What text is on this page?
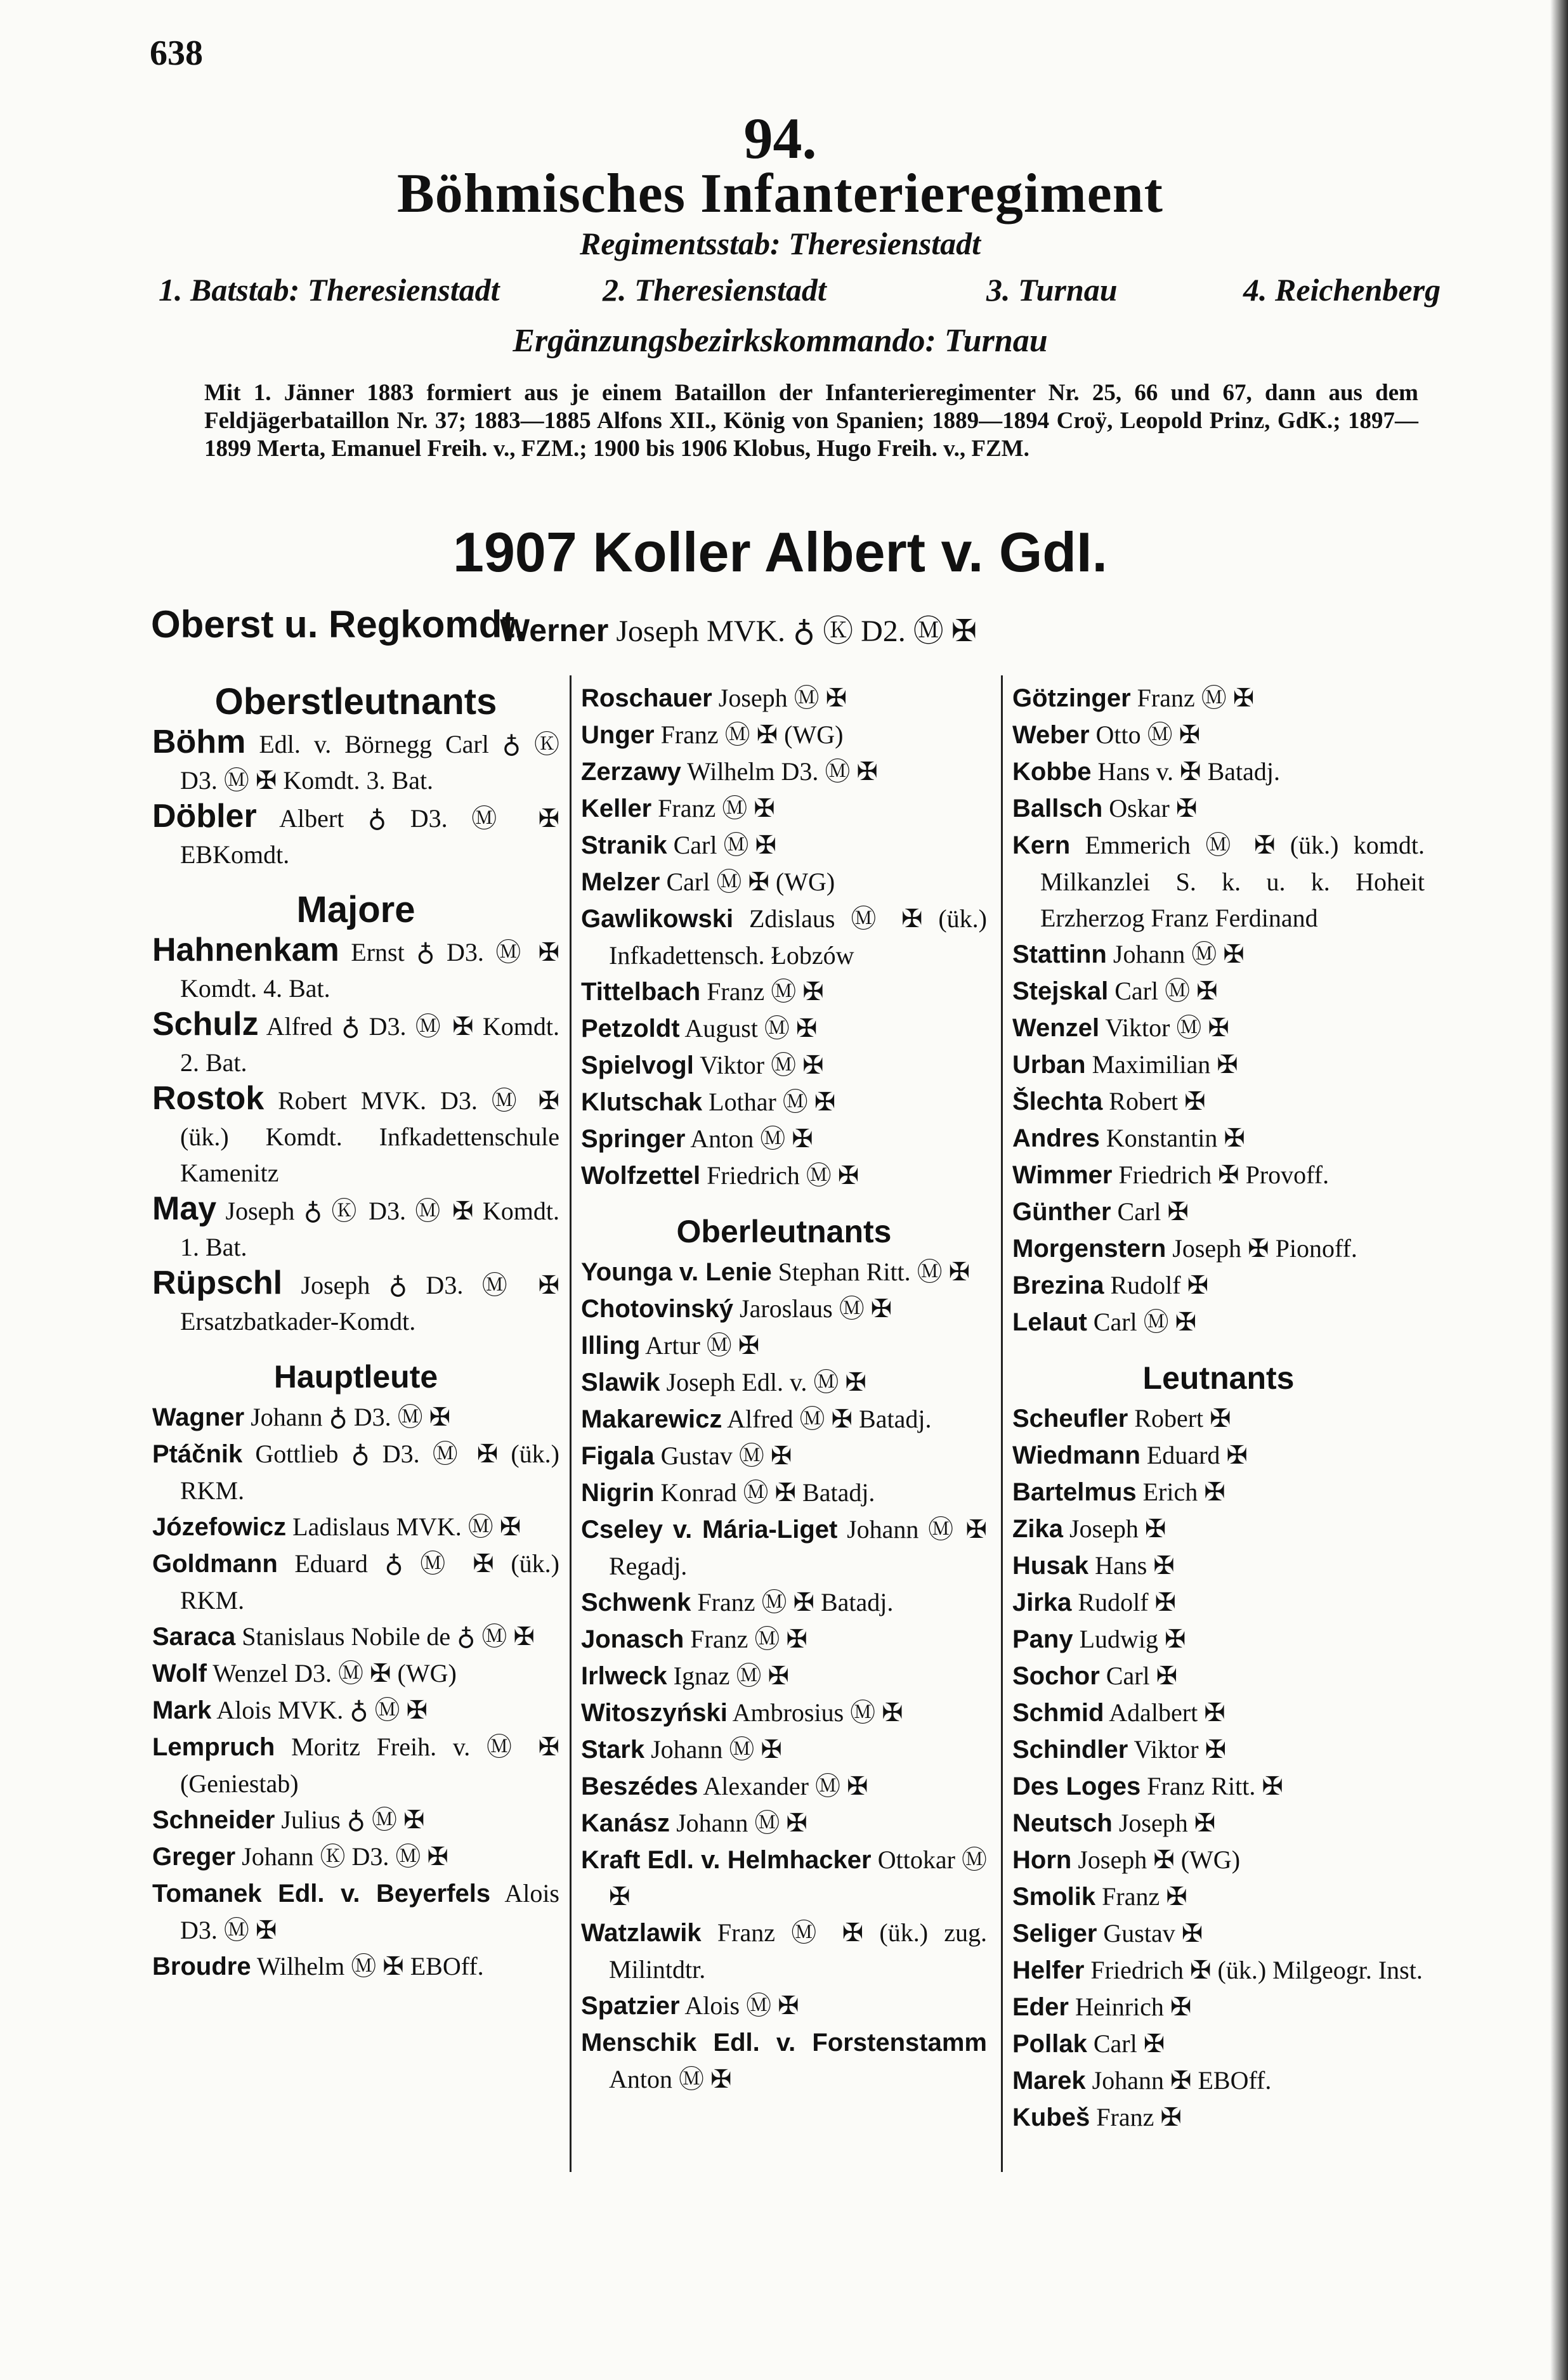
638
94.
Böhmisches Infanterieregiment
Regimentsstab: Theresienstadt
1. Batstab: Theresienstadt	2. Theresienstadt	3. Turnau	4. Reichenberg
Ergänzungsbezirkskommando: Turnau
Mit 1. Jänner 1883 formiert aus je einem Bataillon der Infanterieregimenter Nr. 25, 66 und 67, dann aus dem Feldjägerbataillon Nr. 37; 1883—1885 Alfons XII., König von Spanien; 1889—1894 Croÿ, Leopold Prinz, GdK.; 1897—1899 Merta, Emanuel Freih. v., FZM.; 1900 bis 1906 Klobus, Hugo Freih. v., FZM.
1907 Koller Albert v. GdI.
Oberst u. Regkomdt.
Werner Joseph MVK. ♁ Ⓚ D2. Ⓜ ✠
Oberstleutnants
Böhm Edl. v. Börnegg Carl ♁ Ⓚ D3. Ⓜ ✠ Komdt. 3. Bat.
Döbler Albert ♁ D3. Ⓜ ✠ EBKomdt.
Majore
Hahnenkam Ernst ♁ D3. Ⓜ ✠ Komdt. 4. Bat.
Schulz Alfred ♁ D3. Ⓜ ✠ Komdt. 2. Bat.
Rostok Robert MVK. D3. Ⓜ ✠ (ük.) Komdt. Infkadettenschule Kamenitz
May Joseph ♁ Ⓚ D3. Ⓜ ✠ Komdt. 1. Bat.
Rüpschl Joseph ♁ D3. Ⓜ ✠ Ersatzbatkader-Komdt.
Hauptleute
Wagner Johann ♁ D3. Ⓜ ✠
Ptáčnik Gottlieb ♁ D3. Ⓜ ✠ (ük.) RKM.
Józefowicz Ladislaus MVK. Ⓜ ✠
Goldmann Eduard ♁ Ⓜ ✠ (ük.) RKM.
Saraca Stanislaus Nobile de ♁ Ⓜ ✠
Wolf Wenzel D3. Ⓜ ✠ (WG)
Mark Alois MVK. ♁ Ⓜ ✠
Lempruch Moritz Freih. v. Ⓜ ✠ (Geniestab)
Schneider Julius ♁ Ⓜ ✠
Greger Johann Ⓚ D3. Ⓜ ✠
Tomanek Edl. v. Beyerfels Alois D3. Ⓜ ✠
Broudre Wilhelm Ⓜ ✠ EBOff.
Roschauer Joseph Ⓜ ✠
Unger Franz Ⓜ ✠ (WG)
Zerzawy Wilhelm D3. Ⓜ ✠
Keller Franz Ⓜ ✠
Stranik Carl Ⓜ ✠
Melzer Carl Ⓜ ✠ (WG)
Gawlikowski Zdislaus Ⓜ ✠ (ük.) Infkadettensch. Łobzów
Tittelbach Franz Ⓜ ✠
Petzoldt August Ⓜ ✠
Spielvogl Viktor Ⓜ ✠
Klutschak Lothar Ⓜ ✠
Springer Anton Ⓜ ✠
Wolfzettel Friedrich Ⓜ ✠
Oberleutnants
Younga v. Lenie Stephan Ritt. Ⓜ ✠
Chotovinský Jaroslaus Ⓜ ✠
Illing Artur Ⓜ ✠
Slawik Joseph Edl. v. Ⓜ ✠
Makarewicz Alfred Ⓜ ✠ Batadj.
Figala Gustav Ⓜ ✠
Nigrin Konrad Ⓜ ✠ Batadj.
Cseley v. Mária-Liget Johann Ⓜ ✠ Regadj.
Schwenk Franz Ⓜ ✠ Batadj.
Jonasch Franz Ⓜ ✠
Irlweck Ignaz Ⓜ ✠
Witoszyński Ambrosius Ⓜ ✠
Stark Johann Ⓜ ✠
Beszédes Alexander Ⓜ ✠
Kanász Johann Ⓜ ✠
Kraft Edl. v. Helmhacker Ottokar Ⓜ ✠
Watzlawik Franz Ⓜ ✠ (ük.) zug. Milintdtr.
Spatzier Alois Ⓜ ✠
Menschik Edl. v. Forstenstamm Anton Ⓜ ✠
Götzinger Franz Ⓜ ✠
Weber Otto Ⓜ ✠
Kobbe Hans v. ✠ Batadj.
Ballsch Oskar ✠
Kern Emmerich Ⓜ ✠ (ük.) komdt. Milkanzlei S. k. u. k. Hoheit Erzherzog Franz Ferdinand
Stattinn Johann Ⓜ ✠
Stejskal Carl Ⓜ ✠
Wenzel Viktor Ⓜ ✠
Urban Maximilian ✠
Šlechta Robert ✠
Andres Konstantin ✠
Wimmer Friedrich ✠ Provoff.
Günther Carl ✠
Morgenstern Joseph ✠ Pionoff.
Brezina Rudolf ✠
Lelaut Carl Ⓜ ✠
Leutnants
Scheufler Robert ✠
Wiedmann Eduard ✠
Bartelmus Erich ✠
Zika Joseph ✠
Husak Hans ✠
Jirka Rudolf ✠
Pany Ludwig ✠
Sochor Carl ✠
Schmid Adalbert ✠
Schindler Viktor ✠
Des Loges Franz Ritt. ✠
Neutsch Joseph ✠
Horn Joseph ✠ (WG)
Smolik Franz ✠
Seliger Gustav ✠
Helfer Friedrich ✠ (ük.) Milgeogr. Inst.
Eder Heinrich ✠
Pollak Carl ✠
Marek Johann ✠ EBOff.
Kubeš Franz ✠
